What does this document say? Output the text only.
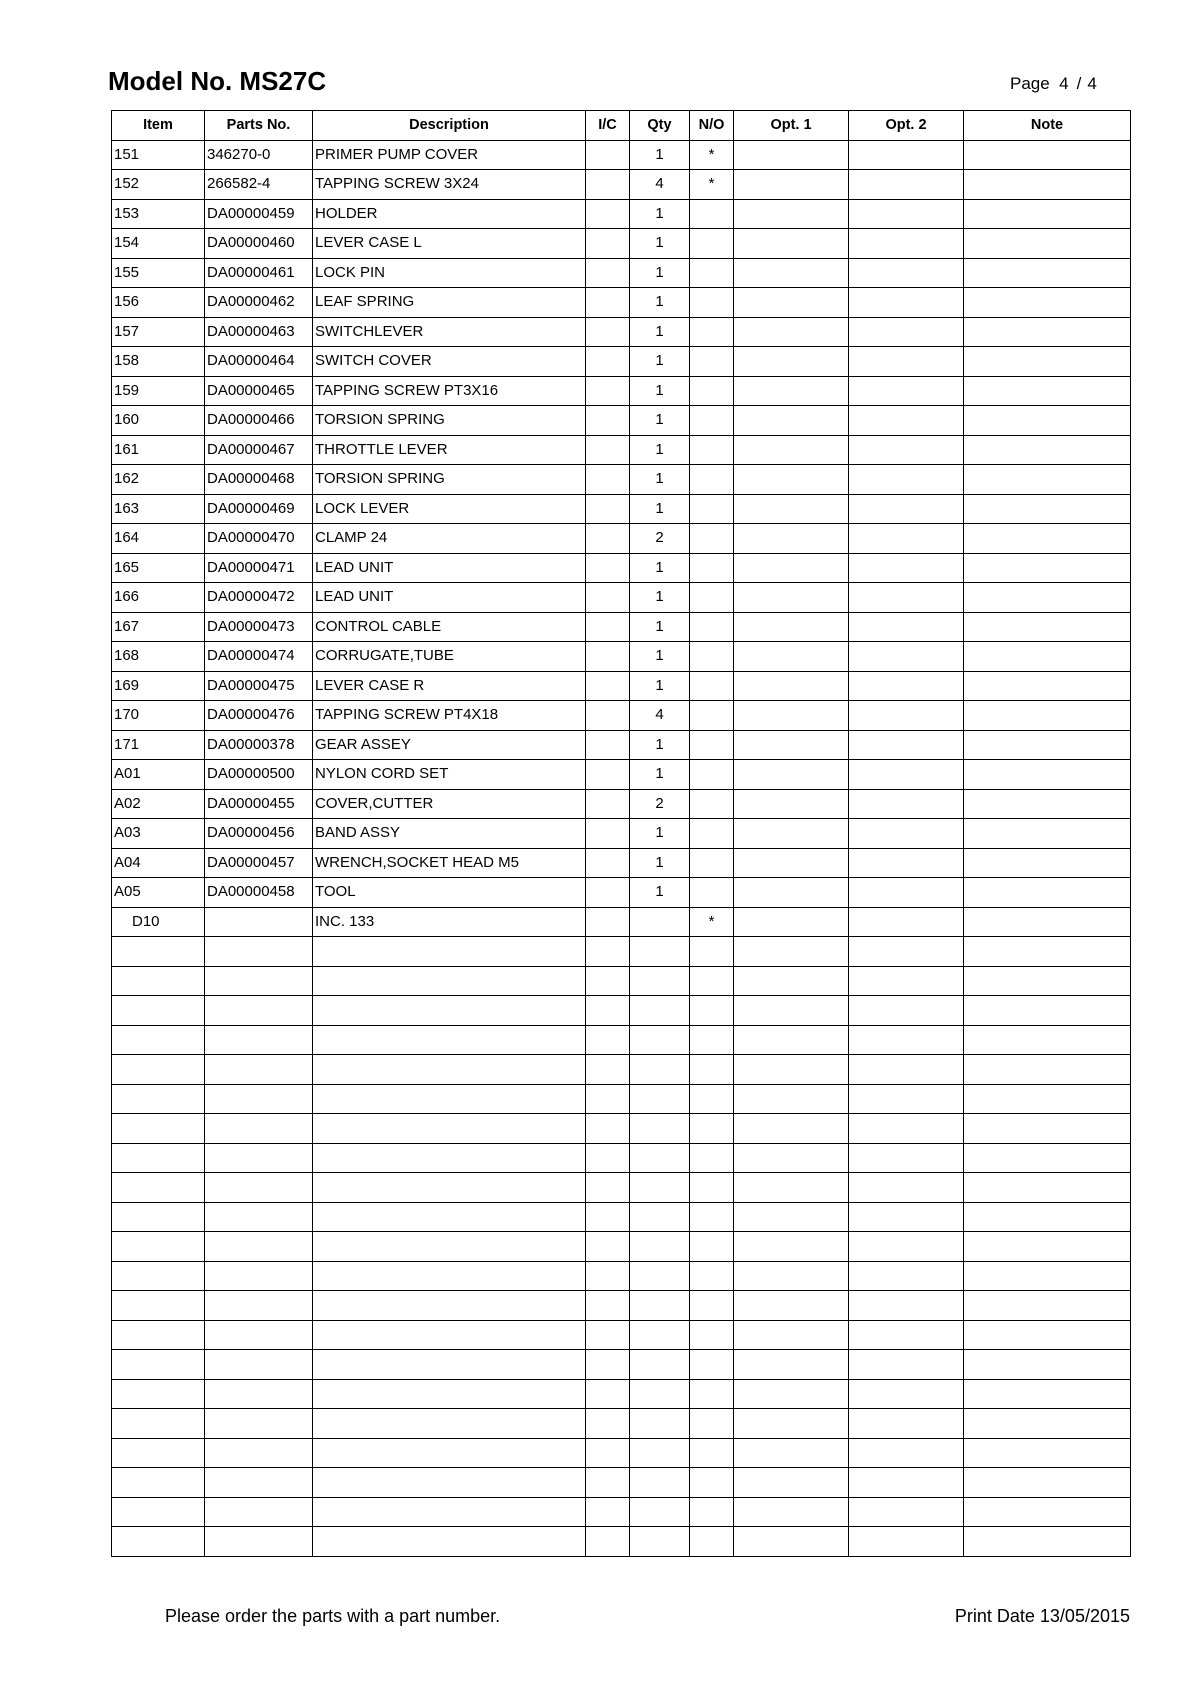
Model No. MS27C	Page 4 / 4
Item	Parts No.	Description	I/C	Qty	N/O	Opt. 1	Opt. 2	Note
151	346270-0	PRIMER PUMP COVER		1	*			
152	266582-4	TAPPING SCREW 3X24		4	*			
153	DA00000459	HOLDER		1				
154	DA00000460	LEVER CASE L		1				
155	DA00000461	LOCK PIN		1				
156	DA00000462	LEAF SPRING		1				
157	DA00000463	SWITCHLEVER		1				
158	DA00000464	SWITCH COVER		1				
159	DA00000465	TAPPING SCREW PT3X16		1				
160	DA00000466	TORSION SPRING		1				
161	DA00000467	THROTTLE LEVER		1				
162	DA00000468	TORSION SPRING		1				
163	DA00000469	LOCK LEVER		1				
164	DA00000470	CLAMP 24		2				
165	DA00000471	LEAD UNIT		1				
166	DA00000472	LEAD UNIT		1				
167	DA00000473	CONTROL CABLE		1				
168	DA00000474	CORRUGATE,TUBE		1				
169	DA00000475	LEVER CASE R		1				
170	DA00000476	TAPPING SCREW PT4X18		4				
171	DA00000378	GEAR ASSEY		1				
A01	DA00000500	NYLON CORD SET		1				
A02	DA00000455	COVER,CUTTER		2				
A03	DA00000456	BAND ASSY		1				
A04	DA00000457	WRENCH,SOCKET HEAD M5		1				
A05	DA00000458	TOOL		1				
D10		INC. 133			*			

Please order the parts with a part number.	Print Date 13/05/2015
